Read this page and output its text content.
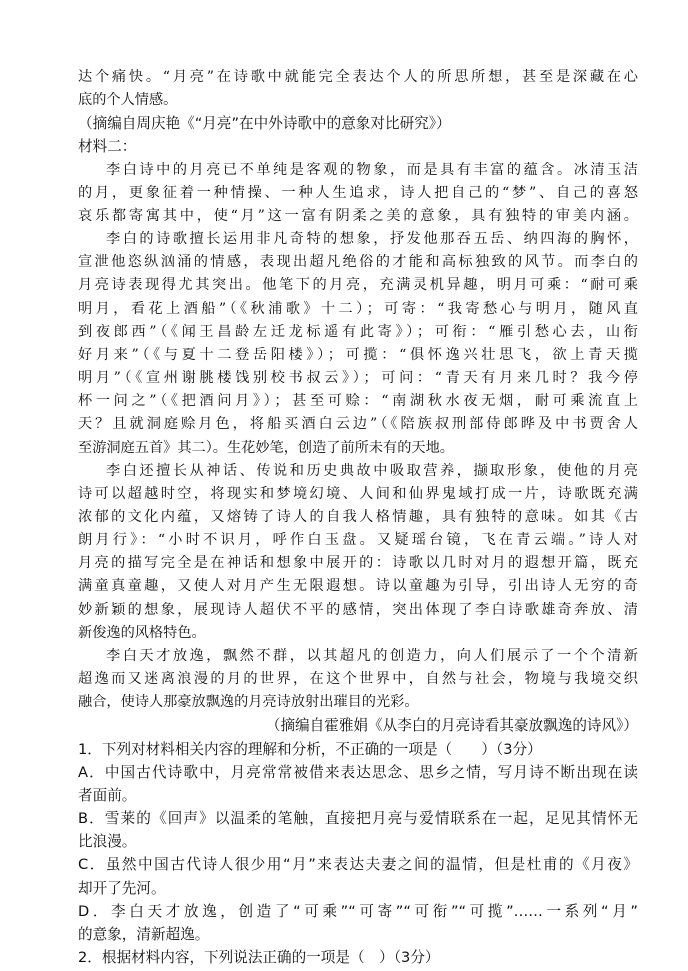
达个痛快。“月亮”在诗歌中就能完全表达个人的所思所想，甚至是深藏在心

底的个人情感。

（摘编自周庆艳《“月亮”在中外诗歌中的意象对比研究》）

材料二：

李白诗中的月亮已不单纯是客观的物象，而是具有丰富的蕴含。冰清玉洁

的月，更象征着一种情操、一种人生追求，诗人把自己的“梦”、自己的喜怒

哀乐都寄寓其中，使“月”这一富有阴柔之美的意象，具有独特的审美内涵。

李白的诗歌擅长运用非凡奇特的想象，抒发他那吞五岳、纳四海的胸怀，

宣泄他恣纵汹涌的情感，表现出超凡绝俗的才能和高标独致的风节。而李白的

月亮诗表现得尤其突出。他笔下的月亮，充满灵机异趣，明月可乘：“耐可乘

明月，看花上酒船”（《秋浦歌》十二）；可寄：“我寄愁心与明月，随风直

到夜郎西”（《闻王昌龄左迁龙标遥有此寄》）；可衔：“雁引愁心去，山衔

好月来”（《与夏十二登岳阳楼》）；可揽：“俱怀逸兴壮思飞，欲上青天揽

明月”（《宣州谢朓楼饯别校书叔云》）；可问：“青天有月来几时？我今停

杯一问之”（《把酒问月》）；甚至可赊：“南湖秋水夜无烟，耐可乘流直上

天？且就洞庭赊月色，将船买酒白云边”（《陪族叔刑部侍郎晔及中书贾舍人

至游洞庭五首》其二）。生花妙笔，创造了前所未有的天地。

李白还擅长从神话、传说和历史典故中吸取营养，撷取形象，使他的月亮

诗可以超越时空，将现实和梦境幻境、人间和仙界鬼域打成一片，诗歌既充满

浓郁的文化内蕴，又熔铸了诗人的自我人格情趣，具有独特的意味。如其《古

朗月行》：“小时不识月，呼作白玉盘。又疑瑶台镜，飞在青云端。”诗人对

月亮的描写完全是在神话和想象中展开的：诗歌以几时对月的遐想开篇，既充

满童真童趣，又使人对月产生无限遐想。诗以童趣为引导，引出诗人无穷的奇

妙新颖的想象，展现诗人超伏不平的感情，突出体现了李白诗歌雄奇奔放、清

新俊逸的风格特色。

李白天才放逸，飘然不群，以其超凡的创造力，向人们展示了一个个清新

超逸而又迷离浪漫的月的世界，在这个世界中，自然与社会，物境与我境交织

融合，使诗人那豪放飘逸的月亮诗放射出璀目的光彩。

（摘编自霍雅娟《从李白的月亮诗看其豪放飘逸的诗风》）

1．下列对材料相关内容的理解和分析，不正确的一项是（　　）（3分）

A．中国古代诗歌中，月亮常常被借来表达思念、思乡之情，写月诗不断出现在读

者面前。

B．雪莱的《回声》以温柔的笔触，直接把月亮与爱情联系在一起，足见其情怀无

比浪漫。

C．虽然中国古代诗人很少用“月”来表达夫妻之间的温情，但是杜甫的《月夜》

却开了先河。

D．李白天才放逸，创造了“可乘”“可寄”“可衔”“可揽”……一系列“月”

的意象，清新超逸。

2．根据材料内容，下列说法正确的一项是（　）（3分）
